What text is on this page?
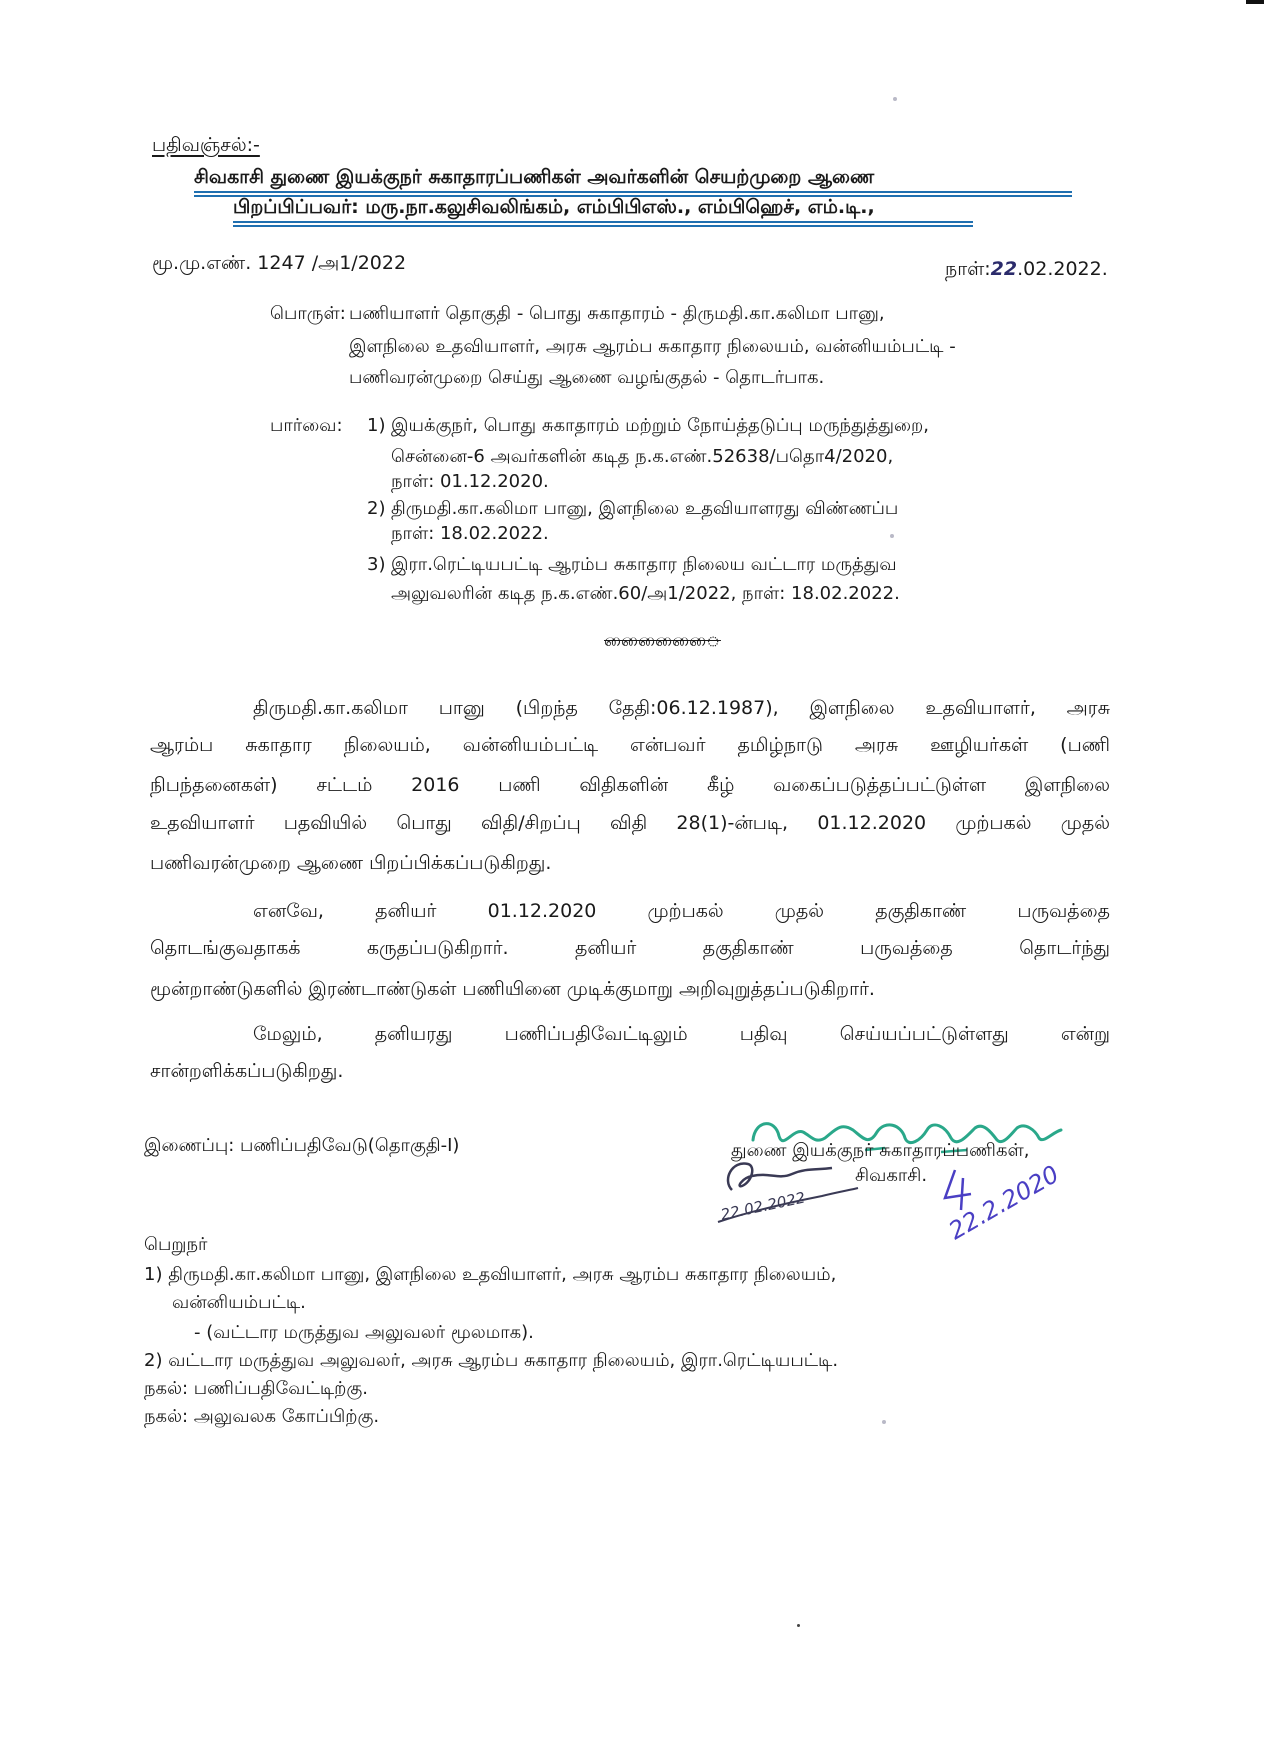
பதிவஞ்சல்:-
சிவகாசி துணை இயக்குநர் சுகாதாரப்பணிகள் அவர்களின் செயற்முறை ஆணை
பிறப்பிப்பவர்: மரு.நா.கலுசிவலிங்கம், எம்பிபிஎஸ்., எம்பிஹெச், எம்.டி.,
மூ.மு.எண். 1247 /அ1/2022	நாள்:22.02.2022.
பொருள்: பணியாளர் தொகுதி - பொது சுகாதாரம் - திருமதி.கா.கலிமா பானு,
இளநிலை உதவியாளர், அரசு ஆரம்ப சுகாதார நிலையம், வன்னியம்பட்டி -
பணிவரன்முறை செய்து ஆணை வழங்குதல் - தொடர்பாக.
பார்வை: 1) இயக்குநர், பொது சுகாதாரம் மற்றும் நோய்த்தடுப்பு மருந்துத்துறை,
சென்னை-6 அவர்களின் கடித ந.க.எண்.52638/பதொ4/2020,
நாள்: 01.12.2020.
2) திருமதி.கா.கலிமா பானு, இளநிலை உதவியாளரது விண்ணப்ப
நாள்: 18.02.2022.
3) இரா.ரெட்டியபட்டி ஆரம்ப சுகாதார நிலைய வட்டார மருத்துவ
அலுவலரின் கடித ந.க.எண்.60/அ1/2022, நாள்: 18.02.2022.
ைைைைைை
திருமதி.கா.கலிமா பானு (பிறந்த தேதி:06.12.1987), இளநிலை உதவியாளர், அரசு
ஆரம்ப சுகாதார நிலையம், வன்னியம்பட்டி என்பவர் தமிழ்நாடு அரசு ஊழியர்கள் (பணி
நிபந்தனைகள்) சட்டம் 2016 பணி விதிகளின் கீழ் வகைப்படுத்தப்பட்டுள்ள இளநிலை
உதவியாளர் பதவியில் பொது விதி/சிறப்பு விதி 28(1)-ன்படி, 01.12.2020 முற்பகல் முதல்
பணிவரன்முறை ஆணை பிறப்பிக்கப்படுகிறது.
எனவே, தனியர் 01.12.2020 முற்பகல் முதல் தகுதிகாண் பருவத்தை
தொடங்குவதாகக் கருதப்படுகிறார். தனியர் தகுதிகாண் பருவத்தை தொடர்ந்து
மூன்றாண்டுகளில் இரண்டாண்டுகள் பணியினை முடிக்குமாறு அறிவுறுத்தப்படுகிறார்.
மேலும், தனியரது பணிப்பதிவேட்டிலும் பதிவு செய்யப்பட்டுள்ளது என்று
சான்றளிக்கப்படுகிறது.
இணைப்பு: பணிப்பதிவேடு(தொகுதி-I)
22.02.2022	22.2.2020
துணை இயக்குநர் சுகாதாரப்பணிகள்,
சிவகாசி.
பெறுநர்
1) திருமதி.கா.கலிமா பானு, இளநிலை உதவியாளர், அரசு ஆரம்ப சுகாதார நிலையம்,
வன்னியம்பட்டி.
- (வட்டார மருத்துவ அலுவலர் மூலமாக).
2) வட்டார மருத்துவ அலுவலர், அரசு ஆரம்ப சுகாதார நிலையம், இரா.ரெட்டியபட்டி.
நகல்: பணிப்பதிவேட்டிற்கு.
நகல்: அலுவலக கோப்பிற்கு.
